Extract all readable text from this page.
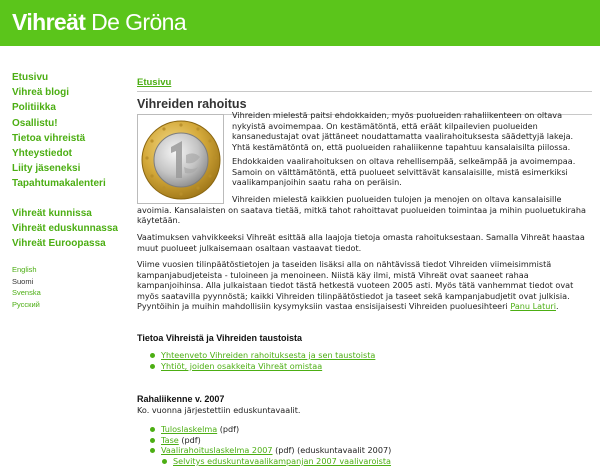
Vihreät De Gröna
Etusivu
Vihreä blogi
Politiikka
Osallistu!
Tietoa vihreistä
Yhteystiedot
Liity jäseneksi
Tapahtumakalenteri
Vihreät kunnissa
Vihreät eduskunnassa
Vihreät Euroopassa
English
Suomi
Svenska
Русский
Etusivu
Vihreiden rahoitus
Vihreiden mielestä paitsi ehdokkaiden, myös puolueiden rahaliikenteen on oltava nykyistä avoimempaa. On kestämätöntä, että eräät kilpailevien puolueiden kansanedustajat ovat jättäneet noudattamatta vaalirahoituksesta säädettyjä lakeja. Yhtä kestämätöntä on, että puolueiden rahaliikenne tapahtuu kansalaisilta piilossa.
Ehdokkaiden vaalirahoituksen on oltava rehellisempää, selkeämpää ja avoimempaa. Samoin on välttämätöntä, että puolueet selvittävät kansalaisille, mistä esimerkiksi vaalikampanjoihin saatu raha on peräisin.
Vihreiden mielestä kaikkien puolueiden tulojen ja menojen on oltava kansalaisille avoimia. Kansalaisten on saatava tietää, mitkä tahot rahoittavat puolueiden toimintaa ja mihin puoluetukiraha käytetään.
Vaatimuksen vahvikkeeksi Vihreät esittää alla laajoja tietoja omasta rahoituksestaan. Samalla Vihreät haastaa muut puolueet julkaisemaan osaltaan vastaavat tiedot.
Viime vuosien tilinpäätöstietojen ja taseiden lisäksi alla on nähtävissä tiedot Vihreiden viimeisimmistä kampanjabudjeteista - tuloineen ja menoineen. Niistä käy ilmi, mistä Vihreät ovat saaneet rahaa kampanjoihinsa. Alla julkaistaan tiedot tästä hetkestä vuoteen 2005 asti. Myös tätä vanhemmat tiedot ovat myös saatavilla pyynnöstä; kaikki Vihreiden tilinpäätöstiedot ja taseet sekä kampanjabudjetit ovat julkisia. Pyyntöihin ja muihin mahdollisiin kysymyksiin vastaa ensisijaisesti Vihreiden puoluesihteeri Panu Laturi.
Tietoa Vihreistä ja Vihreiden taustoista
Yhteenveto Vihreiden rahoituksesta ja sen taustoista
Yhtiöt, joiden osakkeita Vihreät omistaa
Rahaliikenne v. 2007
Ko. vuonna järjestettiin eduskuntavaalit.
Tuloslaskelma (pdf)
Tase (pdf)
Vaalirahoituslaskelma 2007 (pdf) (eduskuntavaalit 2007)
Selvitys eduskuntavaalikampanjan 2007 vaalivaroista
